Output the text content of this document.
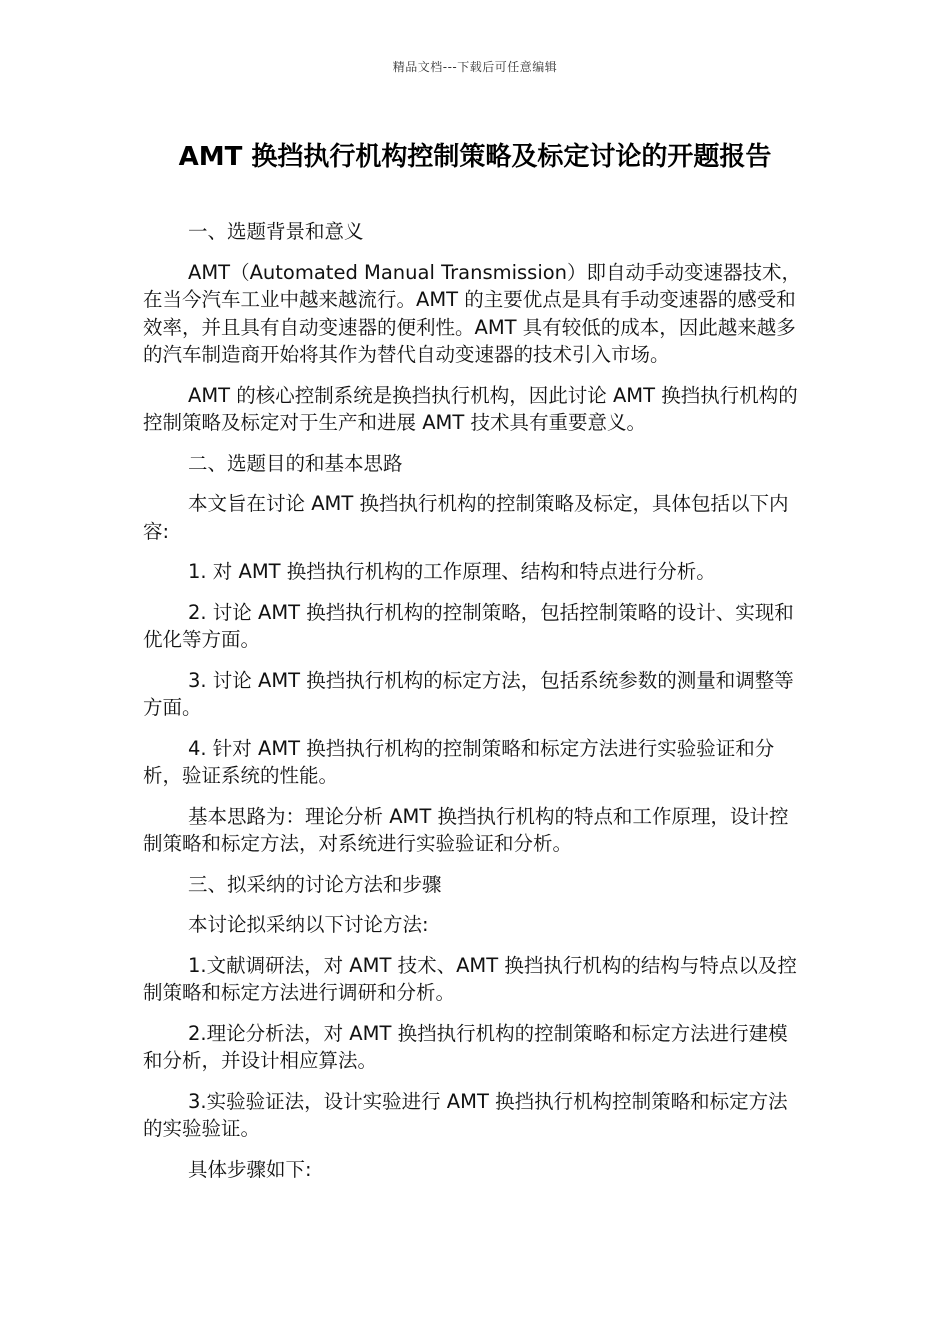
精品文档---下载后可任意编辑
AMT 换挡执行机构控制策略及标定讨论的开题报告

一、选题背景和意义

AMT（Automated Manual Transmission）即自动手动变速器技术，在当今汽车工业中越来越流行。AMT 的主要优点是具有手动变速器的感受和效率，并且具有自动变速器的便利性。AMT 具有较低的成本，因此越来越多的汽车制造商开始将其作为替代自动变速器的技术引入市场。

AMT 的核心控制系统是换挡执行机构，因此讨论 AMT 换挡执行机构的控制策略及标定对于生产和进展 AMT 技术具有重要意义。

二、选题目的和基本思路

本文旨在讨论 AMT 换挡执行机构的控制策略及标定，具体包括以下内容:

1. 对 AMT 换挡执行机构的工作原理、结构和特点进行分析。

2. 讨论 AMT 换挡执行机构的控制策略，包括控制策略的设计、实现和优化等方面。

3. 讨论 AMT 换挡执行机构的标定方法，包括系统参数的测量和调整等方面。

4. 针对 AMT 换挡执行机构的控制策略和标定方法进行实验验证和分析，验证系统的性能。

基本思路为：理论分析 AMT 换挡执行机构的特点和工作原理，设计控制策略和标定方法，对系统进行实验验证和分析。

三、拟采纳的讨论方法和步骤

本讨论拟采纳以下讨论方法:

1.文献调研法，对 AMT 技术、AMT 换挡执行机构的结构与特点以及控制策略和标定方法进行调研和分析。

2.理论分析法，对 AMT 换挡执行机构的控制策略和标定方法进行建模和分析，并设计相应算法。

3.实验验证法，设计实验进行 AMT 换挡执行机构控制策略和标定方法的实验验证。

具体步骤如下:
